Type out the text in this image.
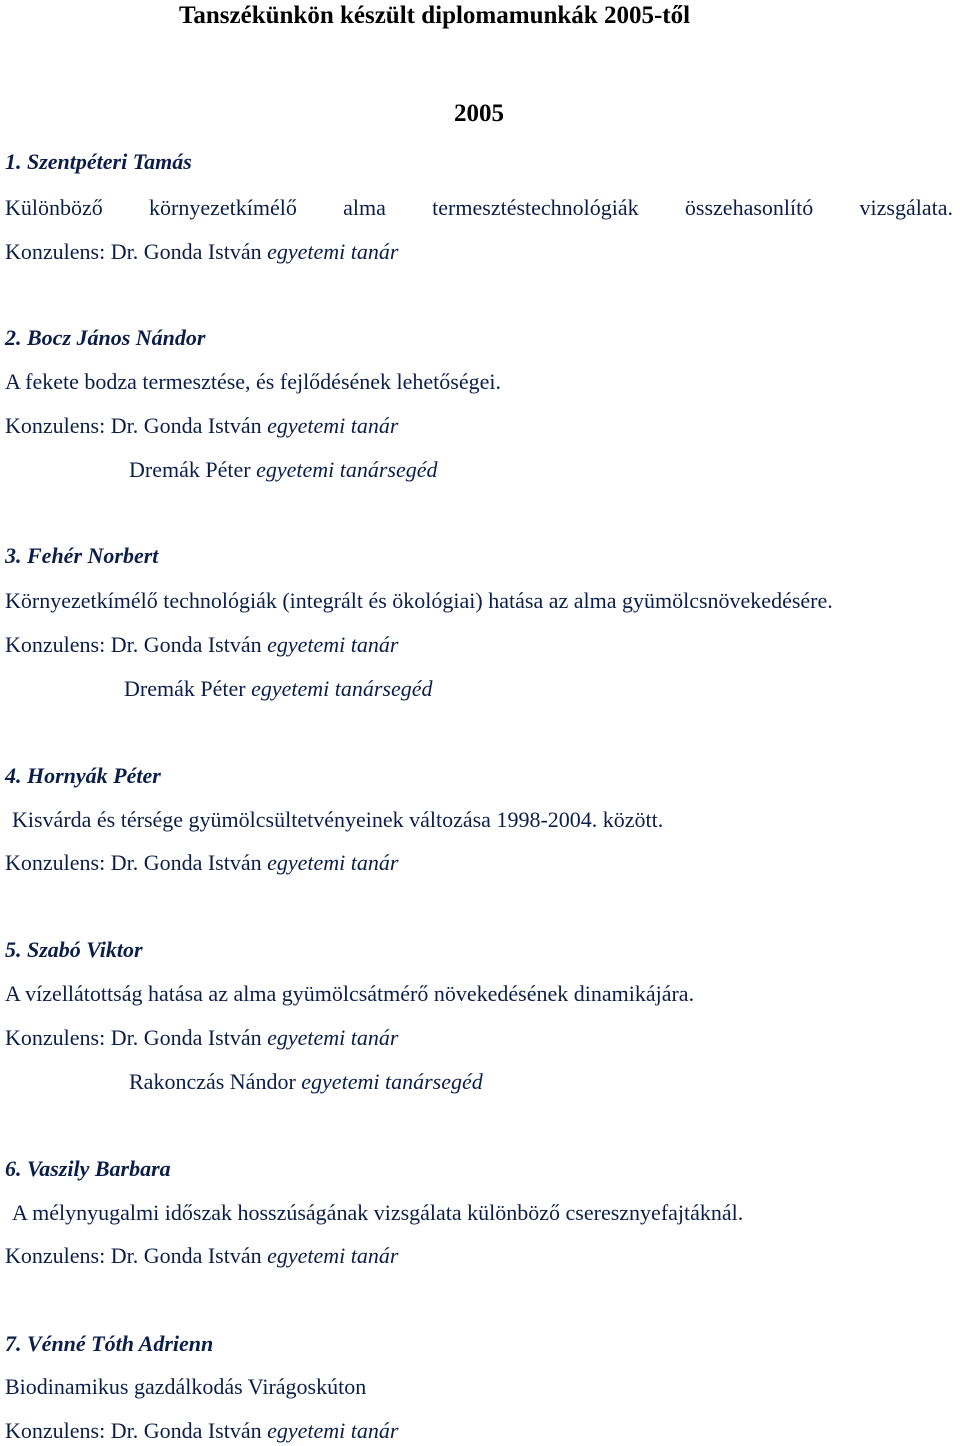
Tanszékünkön készült diplomamunkák 2005-től
2005
1. Szentpéteri Tamás
Különböző környezetkímélő alma termesztéstechnológiák összehasonlító vizsgálata.
Konzulens: Dr. Gonda István egyetemi tanár
2. Bocz János Nándor
A fekete bodza termesztése, és fejlődésének lehetőségei.
Konzulens: Dr. Gonda István egyetemi tanár
Dremák Péter egyetemi tanársegéd
3. Fehér Norbert
Környezetkímélő technológiák (integrált és ökológiai) hatása az alma gyümölcsnövekedésére.
Konzulens: Dr. Gonda István egyetemi tanár
Dremák Péter egyetemi tanársegéd
4. Hornyák Péter
Kisvárda és térsége gyümölcsültetvényeinek változása 1998-2004. között.
Konzulens: Dr. Gonda István egyetemi tanár
5. Szabó Viktor
A vízellátottság hatása az alma gyümölcsátmérő növekedésének dinamikájára.
Konzulens: Dr. Gonda István egyetemi tanár
Rakonczás Nándor egyetemi tanársegéd
6. Vaszily Barbara
A mélynyugalmi időszak hosszúságának vizsgálata különböző cseresznyefajtáknál.
Konzulens: Dr. Gonda István egyetemi tanár
7. Vénné Tóth Adrienn
Biodinamikus gazdálkodás Virágoskúton
Konzulens: Dr. Gonda István egyetemi tanár
